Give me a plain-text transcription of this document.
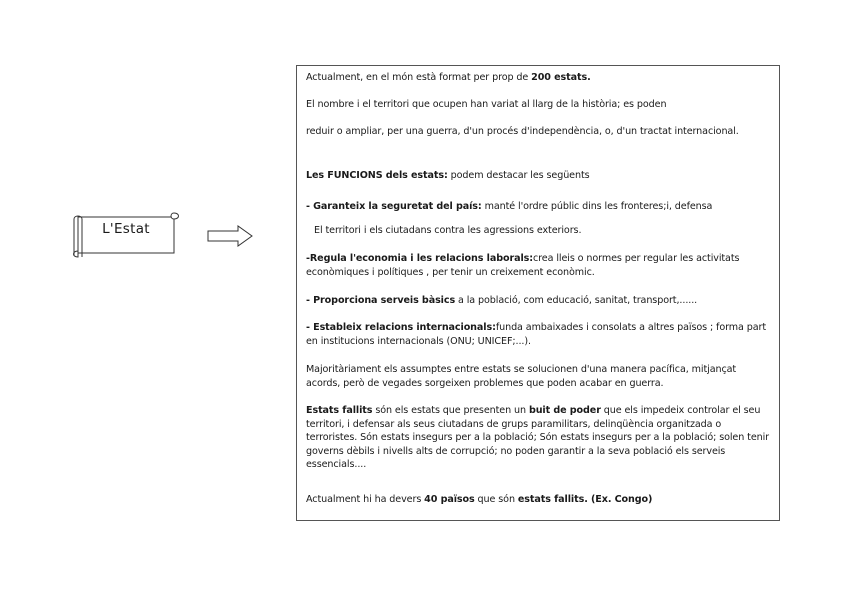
L'Estat

Actualment, en el món està format per prop de 200 estats.

El nombre i el territori que ocupen han variat al llarg de la història; es poden

reduir o ampliar, per una guerra, d'un procés d'independència, o, d'un tractat internacional.

Les FUNCIONS dels estats: podem destacar les següents

- Garanteix la seguretat del país: manté l'ordre públic dins les fronteres;i, defensa

El territori i els ciutadans contra les agressions exteriors.

-Regula l'economia i les relacions laborals:crea lleis o normes per regular les activitats econòmiques i polítiques , per tenir un creixement econòmic.

- Proporciona serveis bàsics a la població, com educació, sanitat, transport,......

- Estableix relacions internacionals:funda ambaixades i consolats a altres països ; forma part en institucions internacionals (ONU; UNICEF;...).

Majoritàriament els assumptes entre estats se solucionen d'una manera pacífica, mitjançat acords, però de vegades sorgeixen problemes que poden acabar en guerra.

Estats fallits són els estats que presenten un buit de poder que els impedeix controlar el seu territori, i defensar als seus ciutadans de grups paramilitars, delinqüència organitzada o terroristes. Són estats insegurs per a la població; Són estats insegurs per a la població; solen tenir governs dèbils i nivells alts de corrupció; no poden garantir a la seva població els serveis essencials....

Actualment hi ha devers 40 països que són estats fallits. (Ex. Congo)
